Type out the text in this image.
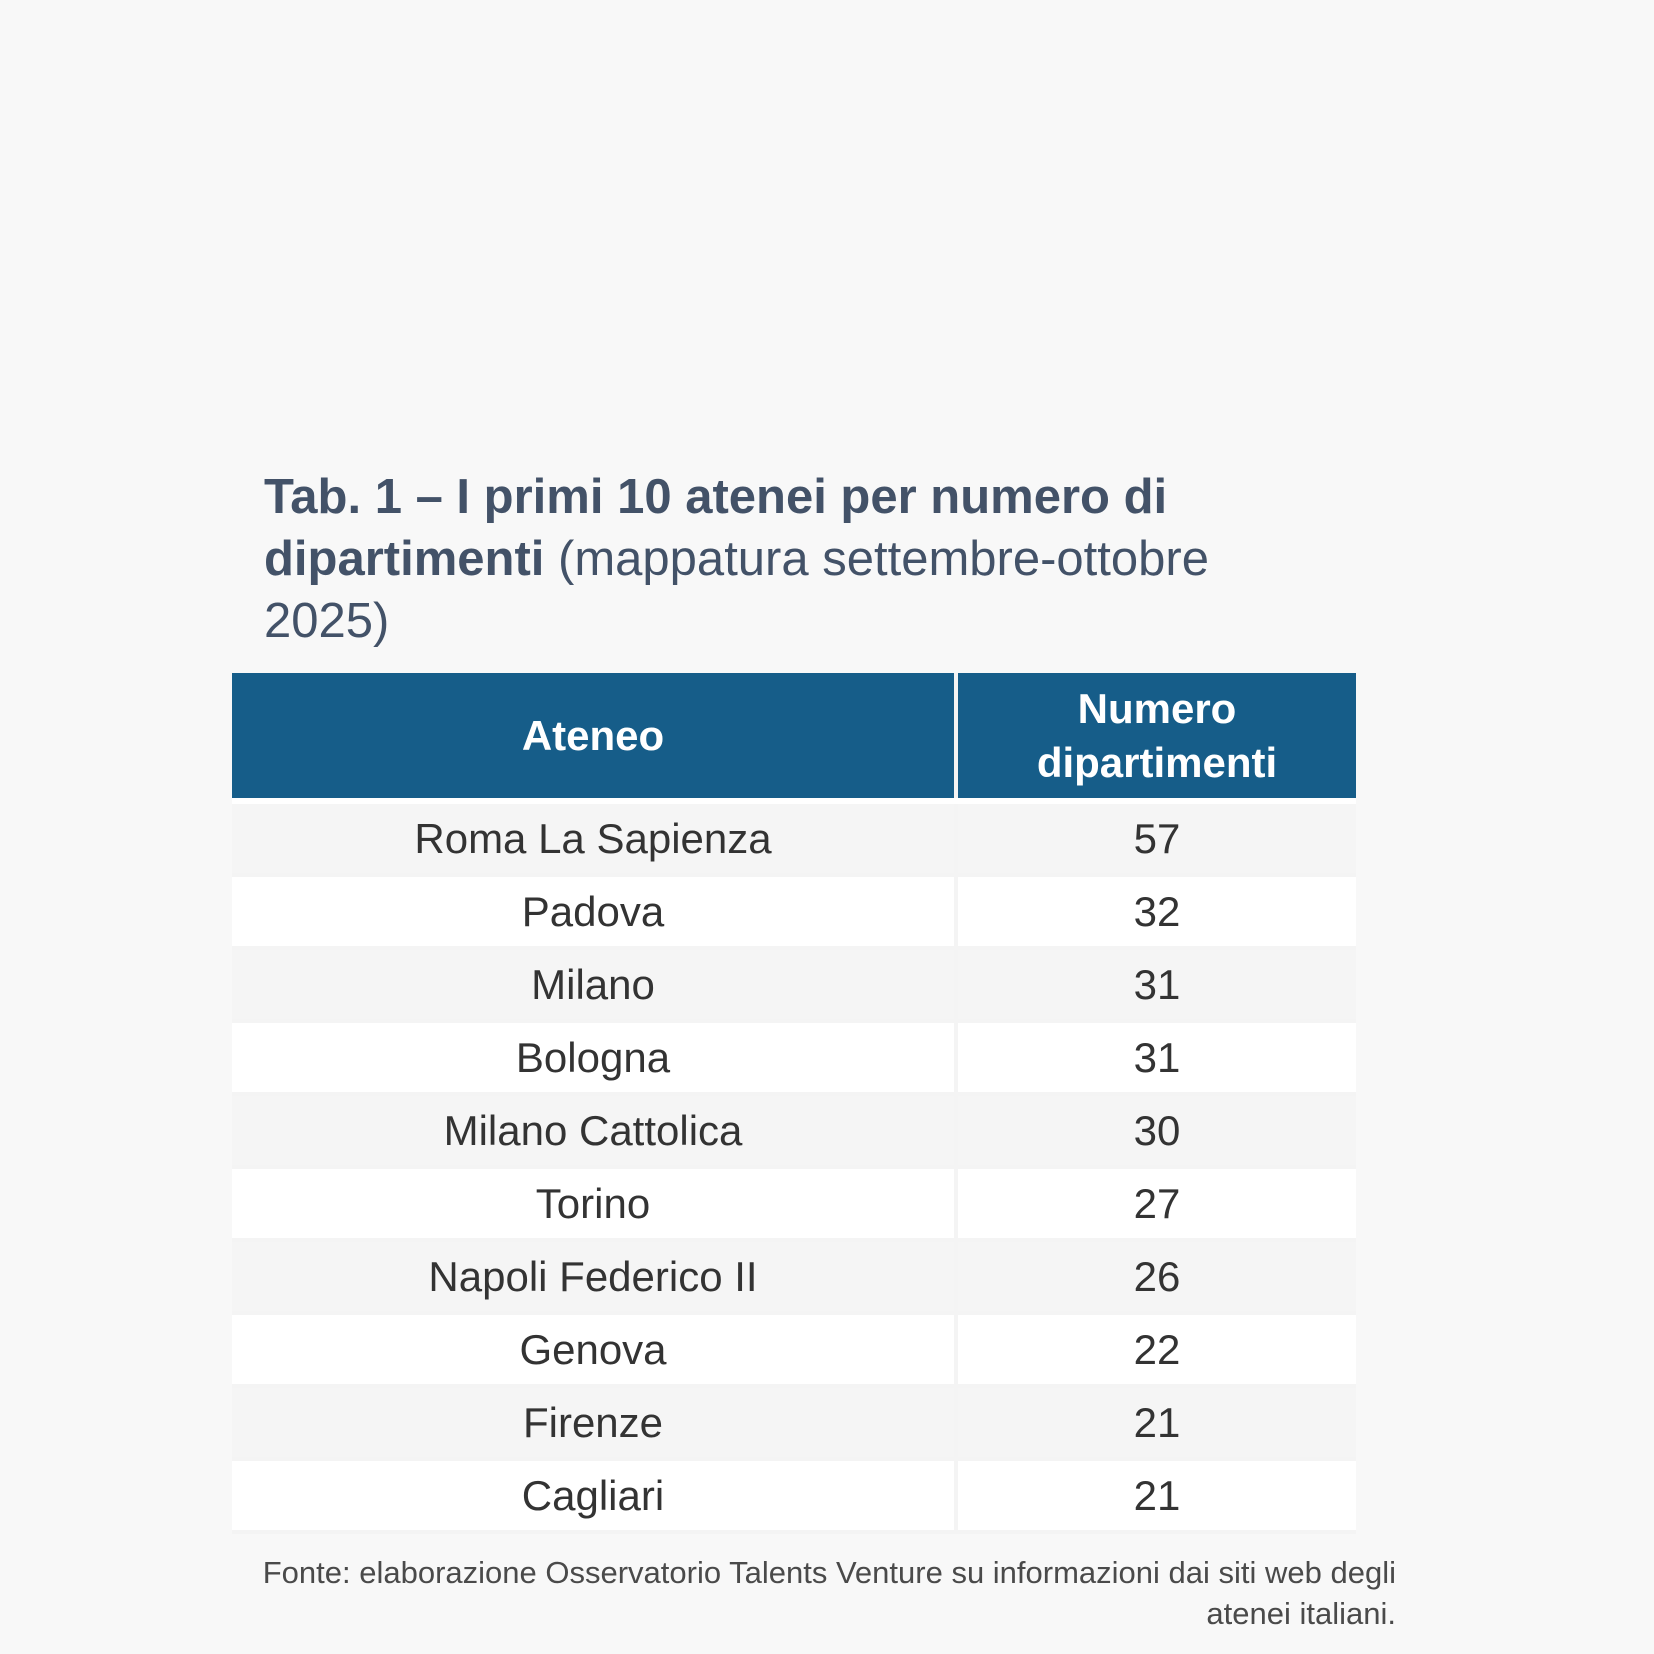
Tab. 1 – I primi 10 atenei per numero di dipartimenti (mappatura settembre-ottobre 2025)
Ateneo	Numero dipartimenti
Roma La Sapienza	57
Padova	32
Milano	31
Bologna	31
Milano Cattolica	30
Torino	27
Napoli Federico II	26
Genova	22
Firenze	21
Cagliari	21
Fonte: elaborazione Osservatorio Talents Venture su informazioni dai siti web degli atenei italiani.
